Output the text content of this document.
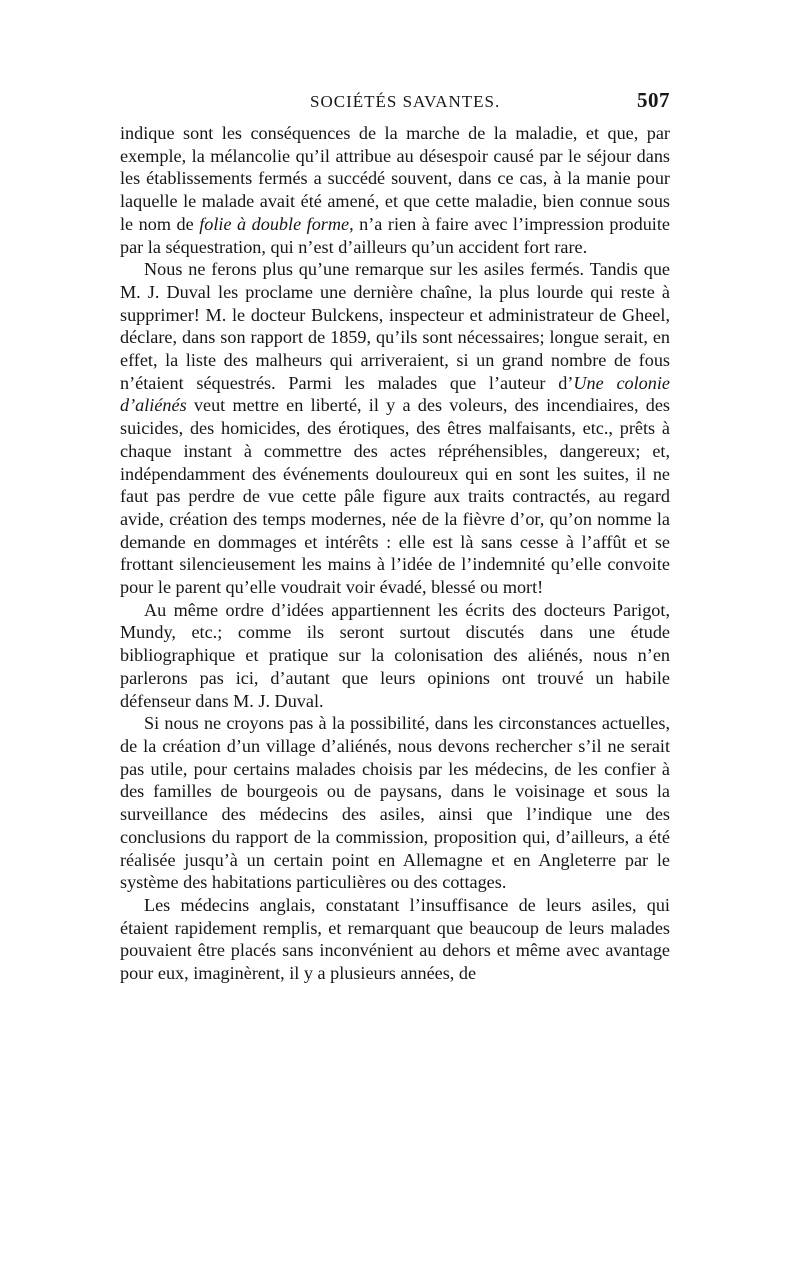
SOCIÉTÉS SAVANTES.	507

indique sont les conséquences de la marche de la maladie, et que, par exemple, la mélancolie qu’il attribue au désespoir causé par le séjour dans les établissements fermés a succédé souvent, dans ce cas, à la manie pour laquelle le malade avait été amené, et que cette maladie, bien connue sous le nom de folie à double forme, n’a rien à faire avec l’impression produite par la séquestration, qui n’est d’ailleurs qu’un accident fort rare.

Nous ne ferons plus qu’une remarque sur les asiles fermés. Tandis que M. J. Duval les proclame une dernière chaîne, la plus lourde qui reste à supprimer! M. le docteur Bulckens, inspecteur et administrateur de Gheel, déclare, dans son rapport de 1859, qu’ils sont nécessaires; longue serait, en effet, la liste des malheurs qui arriveraient, si un grand nombre de fous n’étaient séquestrés. Parmi les malades que l’auteur d’Une colonie d’aliénés veut mettre en liberté, il y a des voleurs, des incendiaires, des suicides, des homicides, des érotiques, des êtres malfaisants, etc., prêts à chaque instant à commettre des actes répréhensibles, dangereux; et, indépendamment des événements douloureux qui en sont les suites, il ne faut pas perdre de vue cette pâle figure aux traits contractés, au regard avide, création des temps modernes, née de la fièvre d’or, qu’on nomme la demande en dommages et intérêts : elle est là sans cesse à l’affût et se frottant silencieusement les mains à l’idée de l’indemnité qu’elle convoite pour le parent qu’elle voudrait voir évadé, blessé ou mort!

Au même ordre d’idées appartiennent les écrits des docteurs Parigot, Mundy, etc.; comme ils seront surtout discutés dans une étude bibliographique et pratique sur la colonisation des aliénés, nous n’en parlerons pas ici, d’autant que leurs opinions ont trouvé un habile défenseur dans M. J. Duval.

Si nous ne croyons pas à la possibilité, dans les circonstances actuelles, de la création d’un village d’aliénés, nous devons rechercher s’il ne serait pas utile, pour certains malades choisis par les médecins, de les confier à des familles de bourgeois ou de paysans, dans le voisinage et sous la surveillance des médecins des asiles, ainsi que l’indique une des conclusions du rapport de la commission, proposition qui, d’ailleurs, a été réalisée jusqu’à un certain point en Allemagne et en Angleterre par le système des habitations particulières ou des cottages.

Les médecins anglais, constatant l’insuffisance de leurs asiles, qui étaient rapidement remplis, et remarquant que beaucoup de leurs malades pouvaient être placés sans inconvénient au dehors et même avec avantage pour eux, imaginèrent, il y a plusieurs années, de
